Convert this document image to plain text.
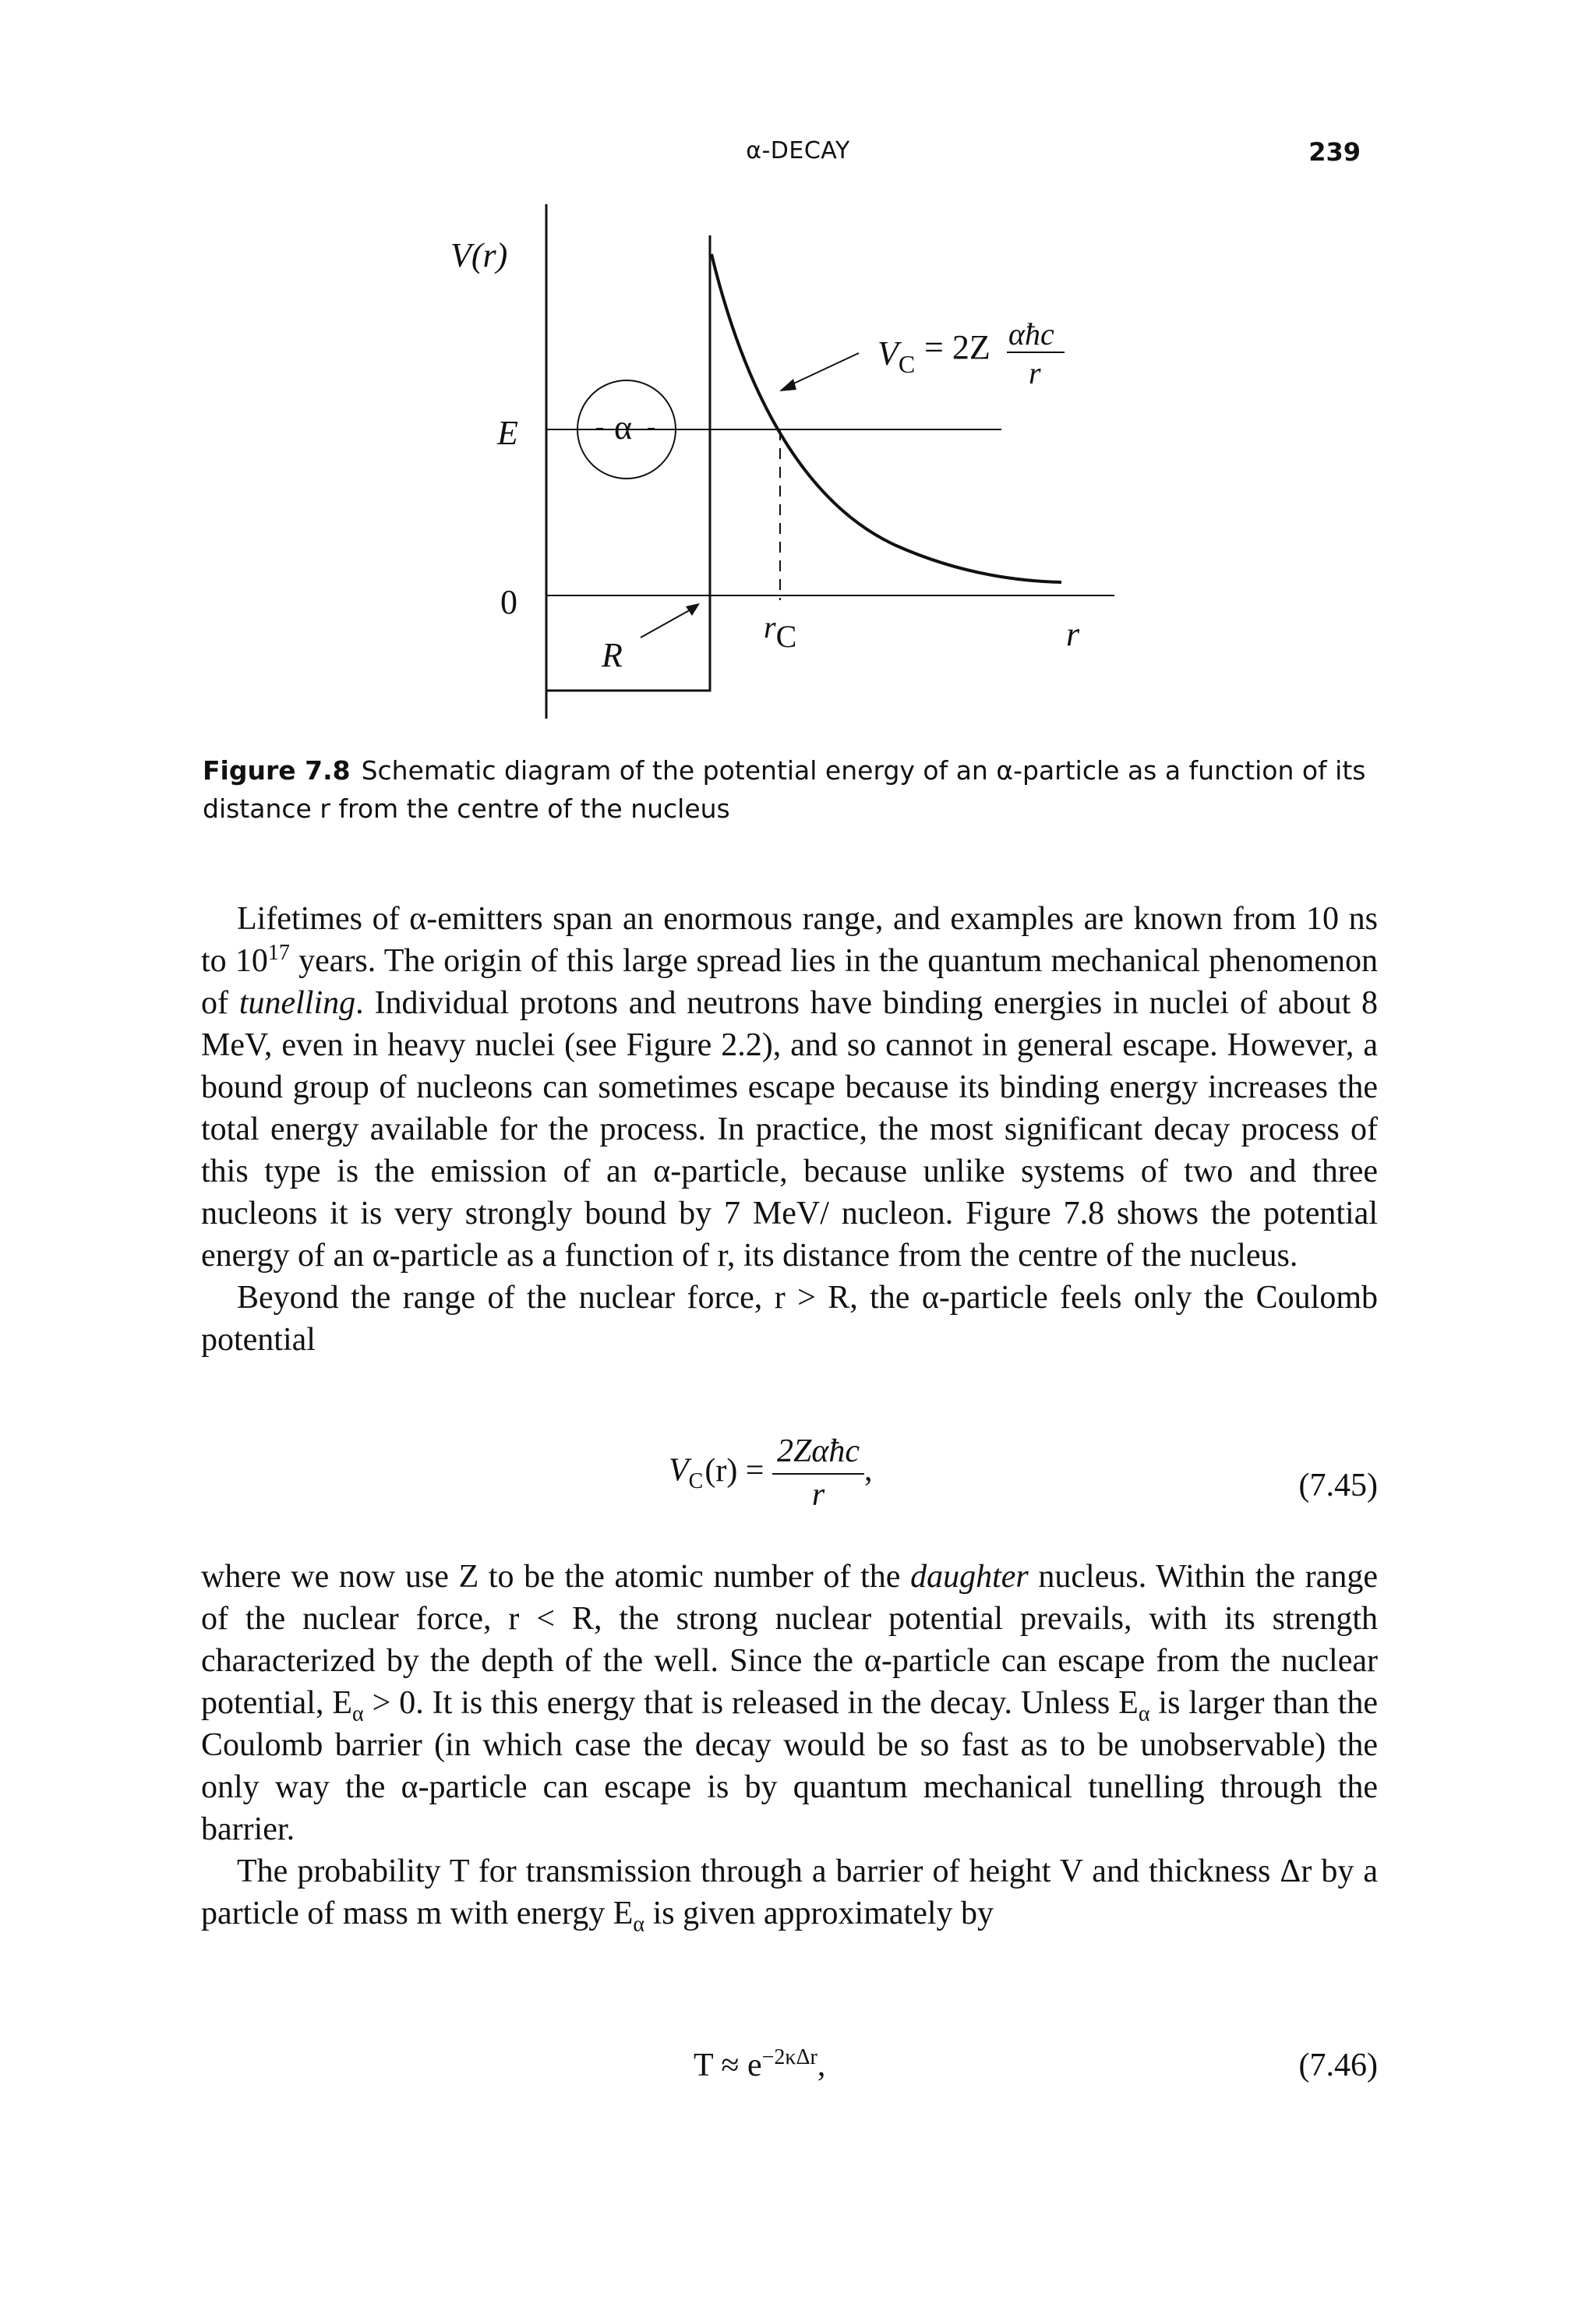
α-DECAY	239
V(r)
E
0
R
α
- -
rC	r
$V_C = 2Z$ αħc
r
Figure 7.8 Schematic diagram of the potential energy of an α-particle as a function of its distance r from the centre of the nucleus

Lifetimes of α-emitters span an enormous range, and examples are known from 10 ns to $10^{17}$ years. The origin of this large spread lies in the quantum mechanical phenomenon of tunelling. Individual protons and neutrons have binding energies in nuclei of about 8 MeV, even in heavy nuclei (see Figure 2.2), and so cannot in general escape. However, a bound group of nucleons can sometimes escape because its binding energy increases the total energy available for the process. In practice, the most significant decay process of this type is the emission of an α-particle, because unlike systems of two and three nucleons it is very strongly bound by 7 MeV/ nucleon. Figure 7.8 shows the potential energy of an α-particle as a function of r, its distance from the centre of the nucleus.

Beyond the range of the nuclear force, r > R, the α-particle feels only the Coulomb potential

$V_C(r) = \frac{\text{2Zαħc}}{r}$ ,	(7.45)

where we now use Z to be the atomic number of the daughter nucleus. Within the range of the nuclear force, r < R, the strong nuclear potential prevails, with its strength characterized by the depth of the well. Since the α-particle can escape from the nuclear potential, $E_\alpha > 0$. It is this energy that is released in the decay. Unless $E_\alpha$ is larger than the Coulomb barrier (in which case the decay would be so fast as to be unobservable) the only way the α-particle can escape is by quantum mechanical tunelling through the barrier.

The probability T for transmission through a barrier of height V and thickness Δr by a particle of mass m with energy $E_\alpha$ is given approximately by

$T \approx e^{-2\kappa\Delta r}$,	(7.46)
